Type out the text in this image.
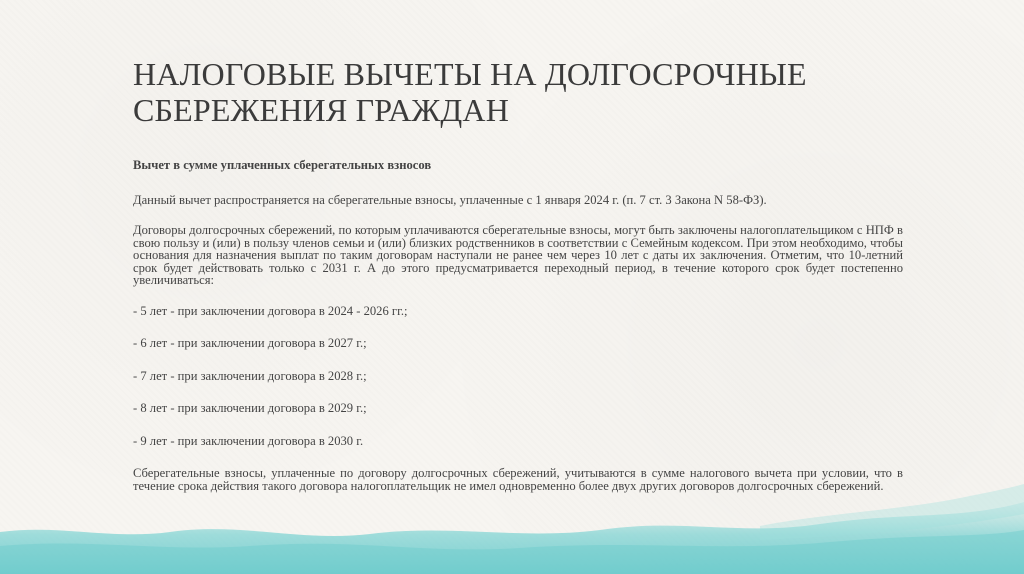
НАЛОГОВЫЕ ВЫЧЕТЫ НА ДОЛГОСРОЧНЫЕ СБЕРЕЖЕНИЯ ГРАЖДАН

Вычет в сумме уплаченных сберегательных взносов

Данный вычет распространяется на сберегательные взносы, уплаченные с 1 января 2024 г. (п. 7 ст. 3 Закона N 58-ФЗ).

Договоры долгосрочных сбережений, по которым уплачиваются сберегательные взносы, могут быть заключены налогоплательщиком с НПФ в свою пользу и (или) в пользу членов семьи и (или) близких родственников в соответствии с Семейным кодексом. При этом необходимо, чтобы основания для назначения выплат по таким договорам наступали не ранее чем через 10 лет с даты их заключения. Отметим, что 10-летний срок будет действовать только с 2031 г. А до этого предусматривается переходный период, в течение которого срок будет постепенно увеличиваться:

- 5 лет - при заключении договора в 2024 - 2026 гг.;

- 6 лет - при заключении договора в 2027 г.;

- 7 лет - при заключении договора в 2028 г.;

- 8 лет - при заключении договора в 2029 г.;

- 9 лет - при заключении договора в 2030 г.

Сберегательные взносы, уплаченные по договору долгосрочных сбережений, учитываются в сумме налогового вычета при условии, что в течение срока действия такого договора налогоплательщик не имел одновременно более двух других договоров долгосрочных сбережений.
